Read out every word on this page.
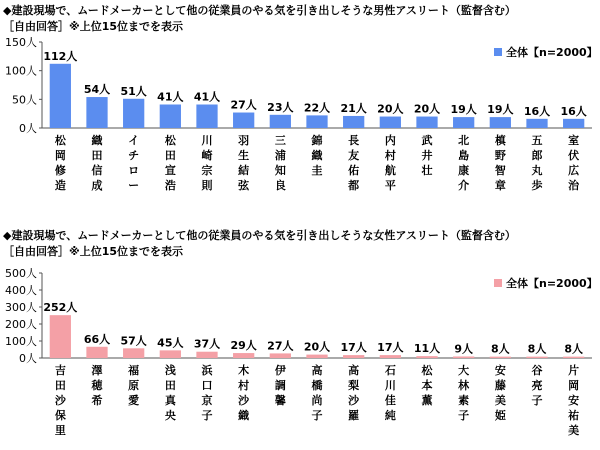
◆建設現場で、ムードメーカーとして他の従業員のやる気を引き出しそうな男性アスリート（監督含む）
［自由回答］※上位15位までを表示
0人
50人
100人
150人
112人
松岡修造
54人
織田信成
51人
イチロー
41人
松田宣浩
41人
川崎宗則
27人
羽生結弦
23人
三浦知良
22人
錦織圭
21人
長友佑都
20人
内村航平
20人
武井壮
19人
北島康介
19人
槙野智章
16人
五郎丸歩
16人
室伏広治
全体【n=2000】
◆建設現場で、ムードメーカーとして他の従業員のやる気を引き出しそうな女性アスリート（監督含む）
［自由回答］※上位15位までを表示
0人
100人
200人
300人
400人
500人
252人
吉田沙保里
66人
澤穂希
57人
福原愛
45人
浅田真央
37人
浜口京子
29人
木村沙織
27人
伊調馨
20人
高橋尚子
17人
高梨沙羅
17人
石川佳純
11人
松本薫
9人
大林素子
8人
安藤美姫
8人
谷亮子
8人
片岡安祐美
全体【n=2000】
